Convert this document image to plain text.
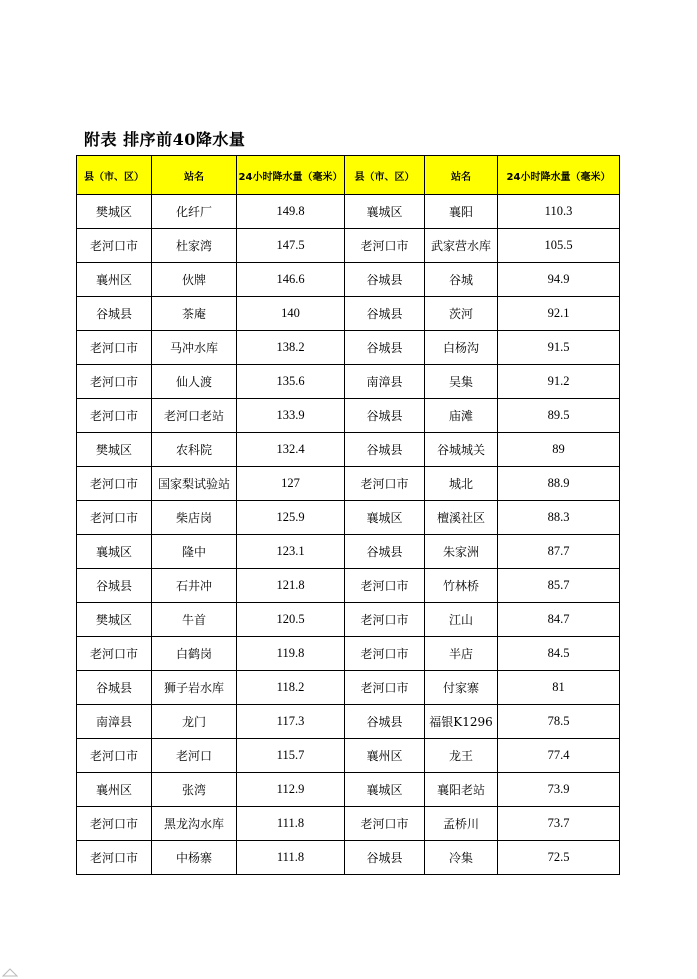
附表 排序前40降水量
县（市、区）	站名	24小时降水量（毫米）	县（市、区）	站名	24小时降水量（毫米）
樊城区	化纤厂	149.8	襄城区	襄阳	110.3
老河口市	杜家湾	147.5	老河口市	武家营水库	105.5
襄州区	伙牌	146.6	谷城县	谷城	94.9
谷城县	茶庵	140	谷城县	茨河	92.1
老河口市	马冲水库	138.2	谷城县	白杨沟	91.5
老河口市	仙人渡	135.6	南漳县	吴集	91.2
老河口市	老河口老站	133.9	谷城县	庙滩	89.5
樊城区	农科院	132.4	谷城县	谷城城关	89
老河口市	国家梨试验站	127	老河口市	城北	88.9
老河口市	柴店岗	125.9	襄城区	檀溪社区	88.3
襄城区	隆中	123.1	谷城县	朱家洲	87.7
谷城县	石井冲	121.8	老河口市	竹林桥	85.7
樊城区	牛首	120.5	老河口市	江山	84.7
老河口市	白鹤岗	119.8	老河口市	半店	84.5
谷城县	狮子岩水库	118.2	老河口市	付家寨	81
南漳县	龙门	117.3	谷城县	福银K1296	78.5
老河口市	老河口	115.7	襄州区	龙王	77.4
襄州区	张湾	112.9	襄城区	襄阳老站	73.9
老河口市	黑龙沟水库	111.8	老河口市	孟桥川	73.7
老河口市	中杨寨	111.8	谷城县	冷集	72.5
